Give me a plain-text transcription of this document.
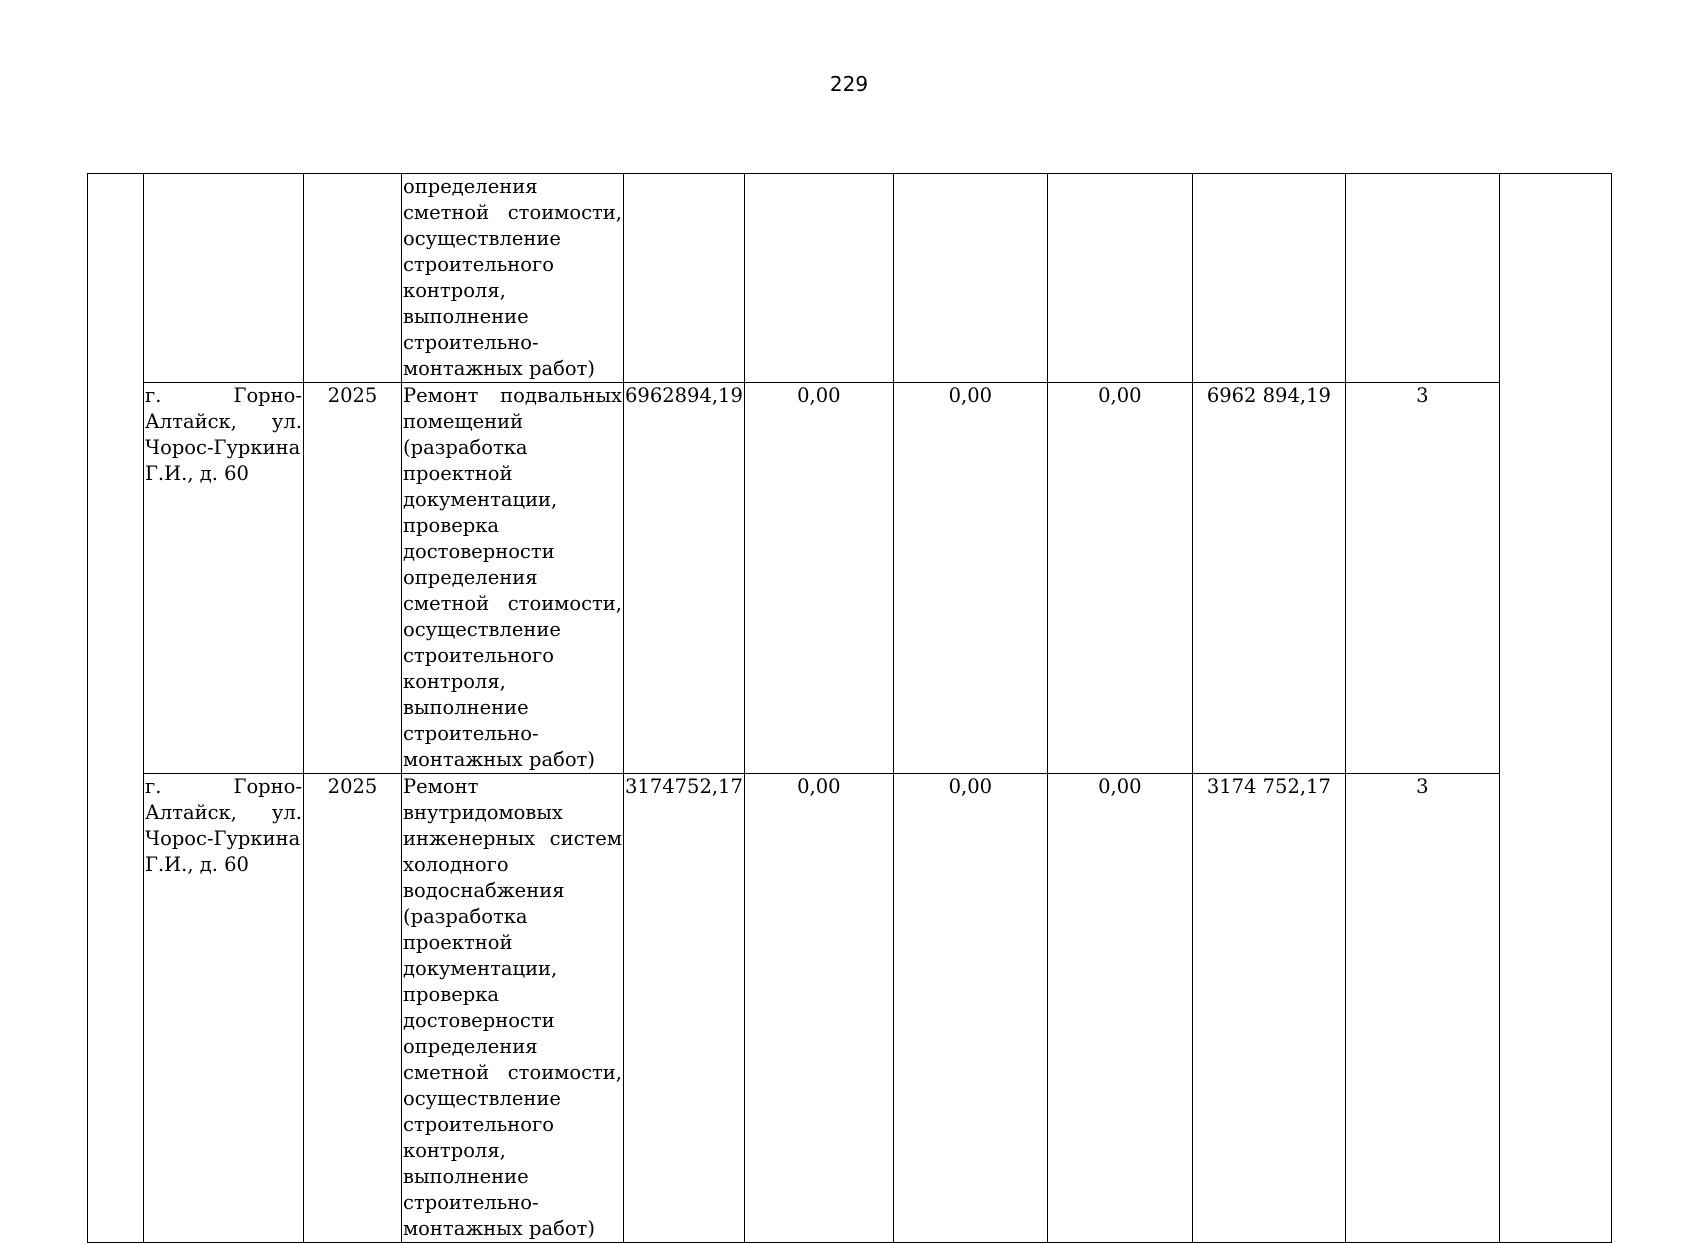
229
			определения сметной стоимости, осуществление строительного контроля, выполнение строительно-монтажных работ)							
	г. Горно-Алтайск, ул. Чорос-Гуркина Г.И., д. 60	2025	Ремонт подвальных помещений (разработка проектной документации, проверка достоверности определения сметной стоимости, осуществление строительного контроля, выполнение строительно-монтажных работ)	6962894,19	0,00	0,00	0,00	6962 894,19	3	
	г. Горно-Алтайск, ул. Чорос-Гуркина Г.И., д. 60	2025	Ремонт внутридомовых инженерных систем холодного водоснабжения (разработка проектной документации, проверка достоверности определения сметной стоимости, осуществление строительного контроля, выполнение строительно-монтажных работ)	3174752,17	0,00	0,00	0,00	3174 752,17	3	
